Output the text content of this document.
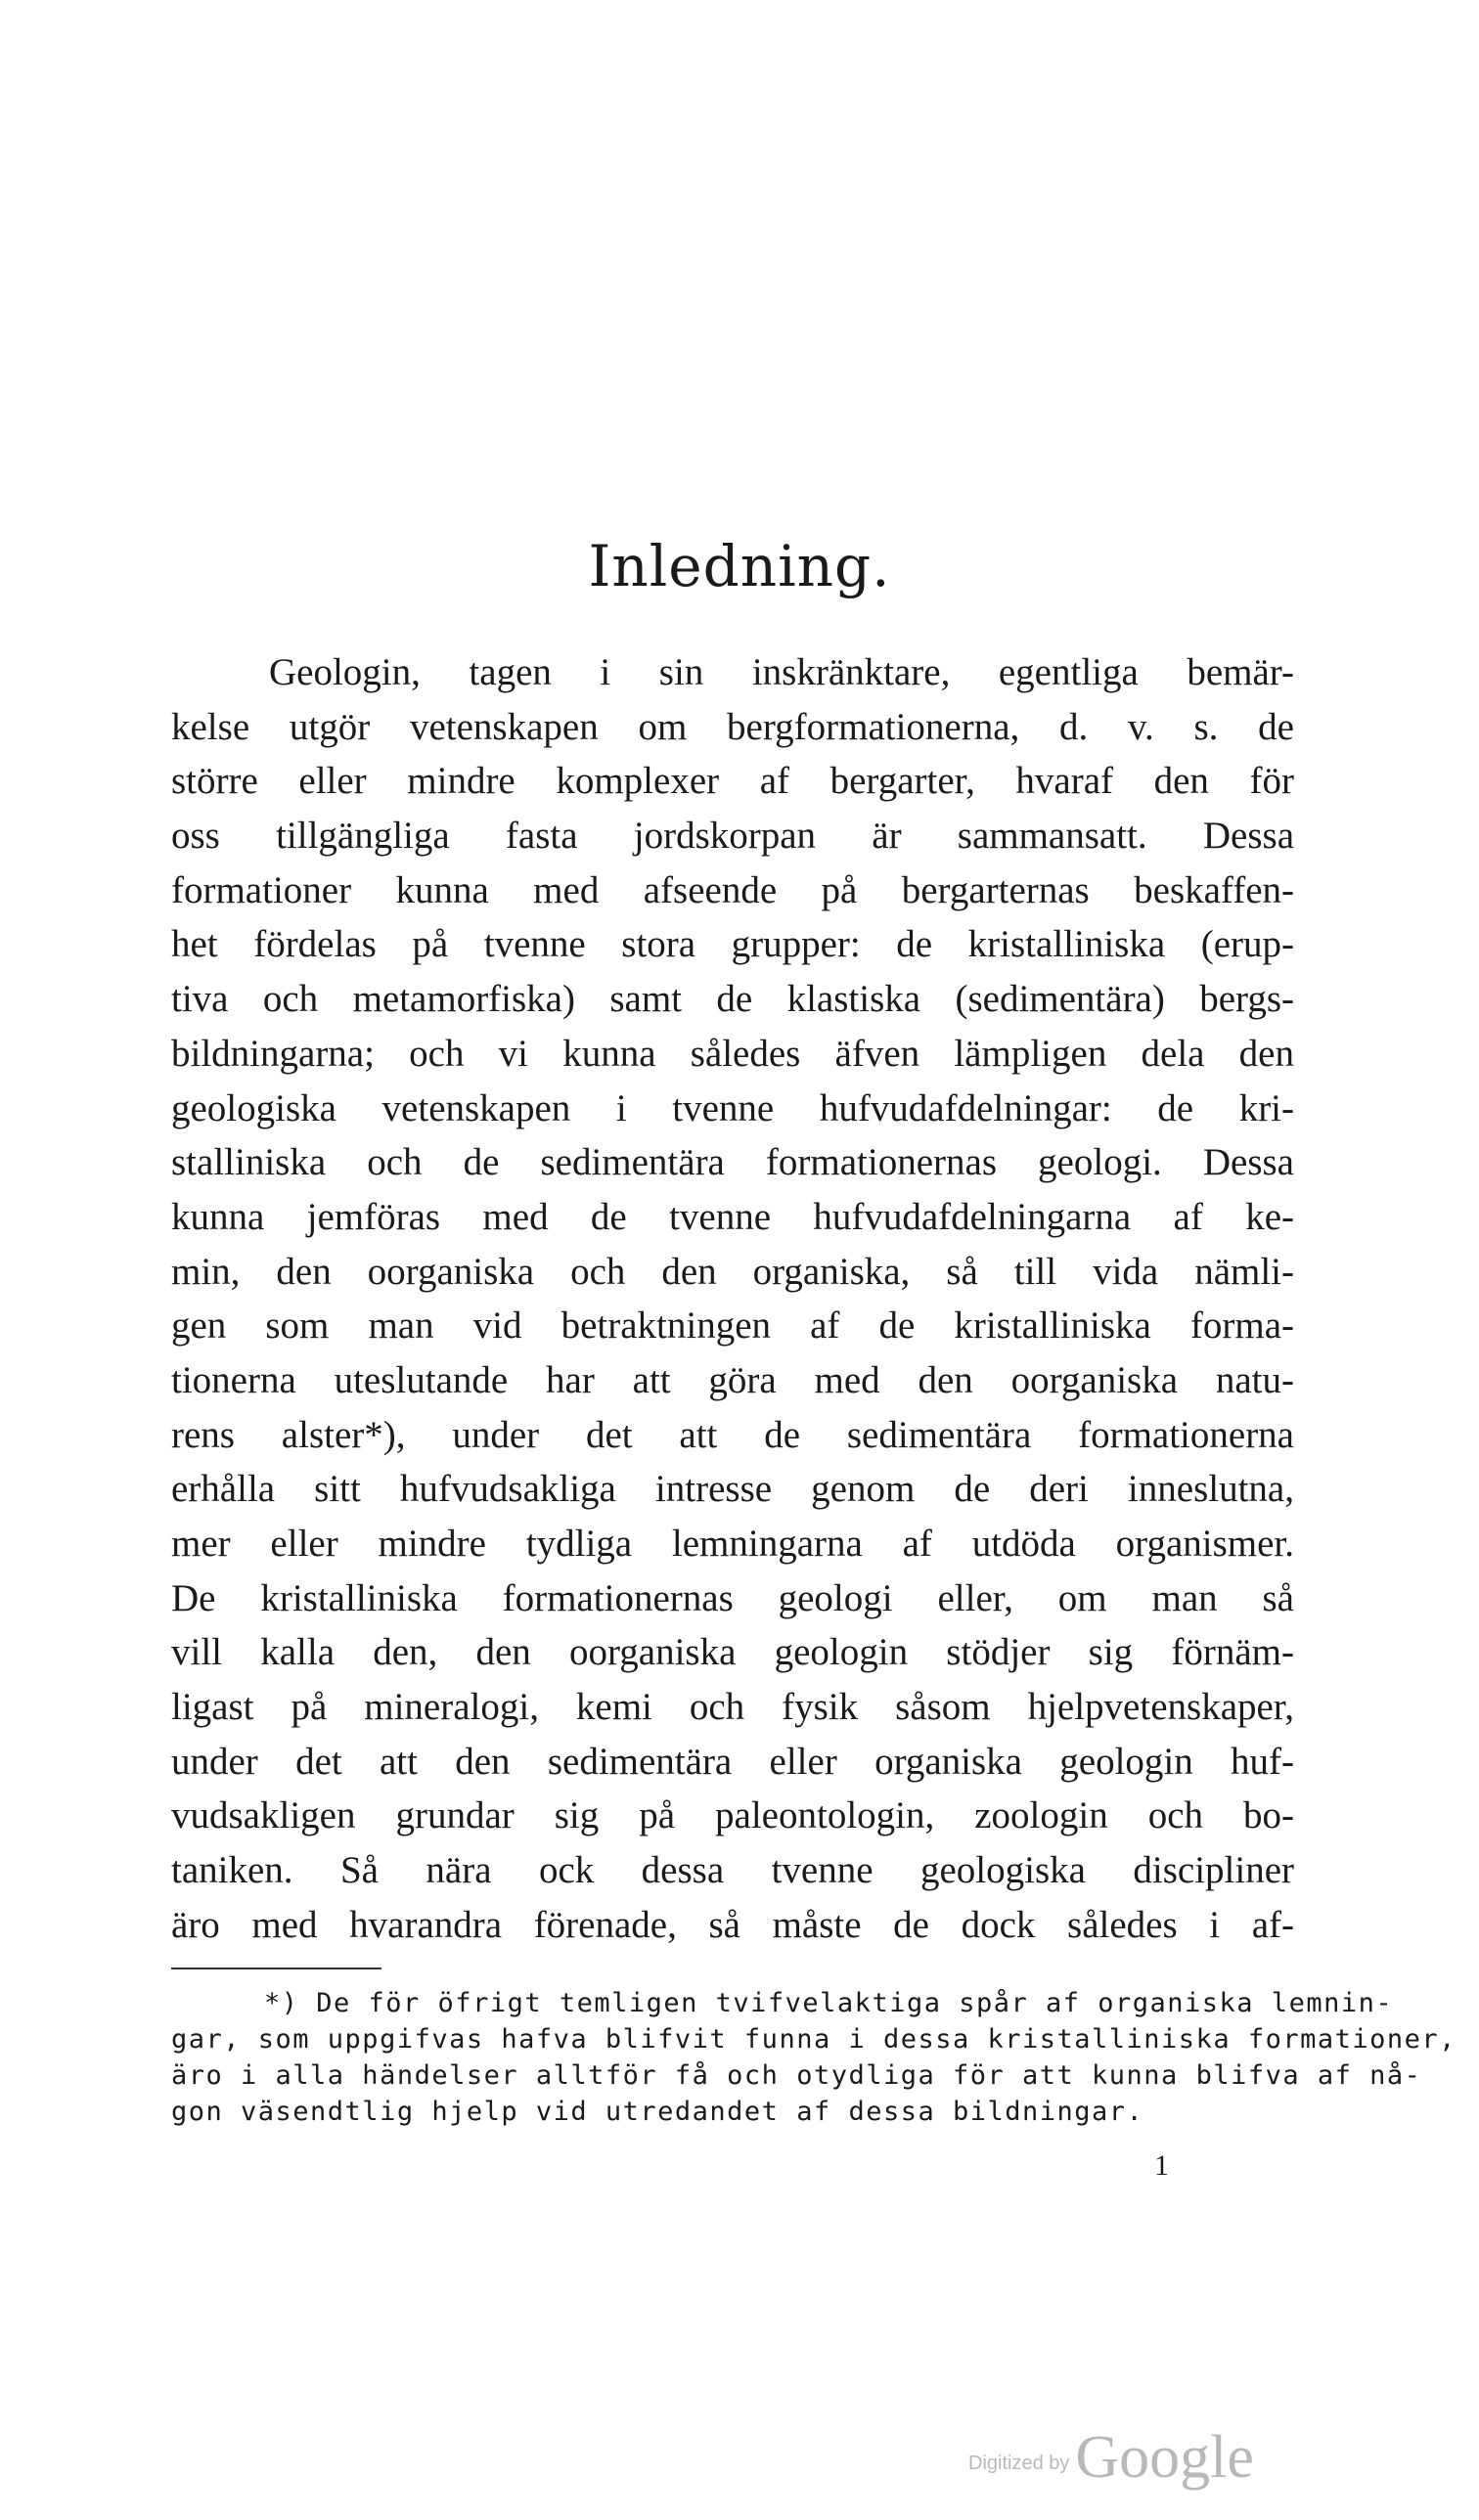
Inledning.
Geologin, tagen i sin inskränktare, egentliga bemär-
kelse utgör vetenskapen om bergformationerna, d. v. s. de
större eller mindre komplexer af bergarter, hvaraf den för
oss tillgängliga fasta jordskorpan är sammansatt. Dessa
formationer kunna med afseende på bergarternas beskaffen-
het fördelas på tvenne stora grupper: de kristalliniska (erup-
tiva och metamorfiska) samt de klastiska (sedimentära) bergs-
bildningarna; och vi kunna således äfven lämpligen dela den
geologiska vetenskapen i tvenne hufvudafdelningar: de kri-
stalliniska och de sedimentära formationernas geologi. Dessa
kunna jemföras med de tvenne hufvudafdelningarna af ke-
min, den oorganiska och den organiska, så till vida nämli-
gen som man vid betraktningen af de kristalliniska forma-
tionerna uteslutande har att göra med den oorganiska natu-
rens alster*), under det att de sedimentära formationerna
erhålla sitt hufvudsakliga intresse genom de deri inneslutna,
mer eller mindre tydliga lemningarna af utdöda organismer.
De kristalliniska formationernas geologi eller, om man så
vill kalla den, den oorganiska geologin stödjer sig förnäm-
ligast på mineralogi, kemi och fysik såsom hjelpvetenskaper,
under det att den sedimentära eller organiska geologin huf-
vudsakligen grundar sig på paleontologin, zoologin och bo-
taniken. Så nära ock dessa tvenne geologiska discipliner
äro med hvarandra förenade, så måste de dock således i af-
*) De för öfrigt temligen tvifvelaktiga spår af organiska lemnin-
gar, som uppgifvas hafva blifvit funna i dessa kristalliniska formationer,
äro i alla händelser alltför få och otydliga för att kunna blifva af nå-
gon väsendtlig hjelp vid utredandet af dessa bildningar.
1
Digitized byGoogle
